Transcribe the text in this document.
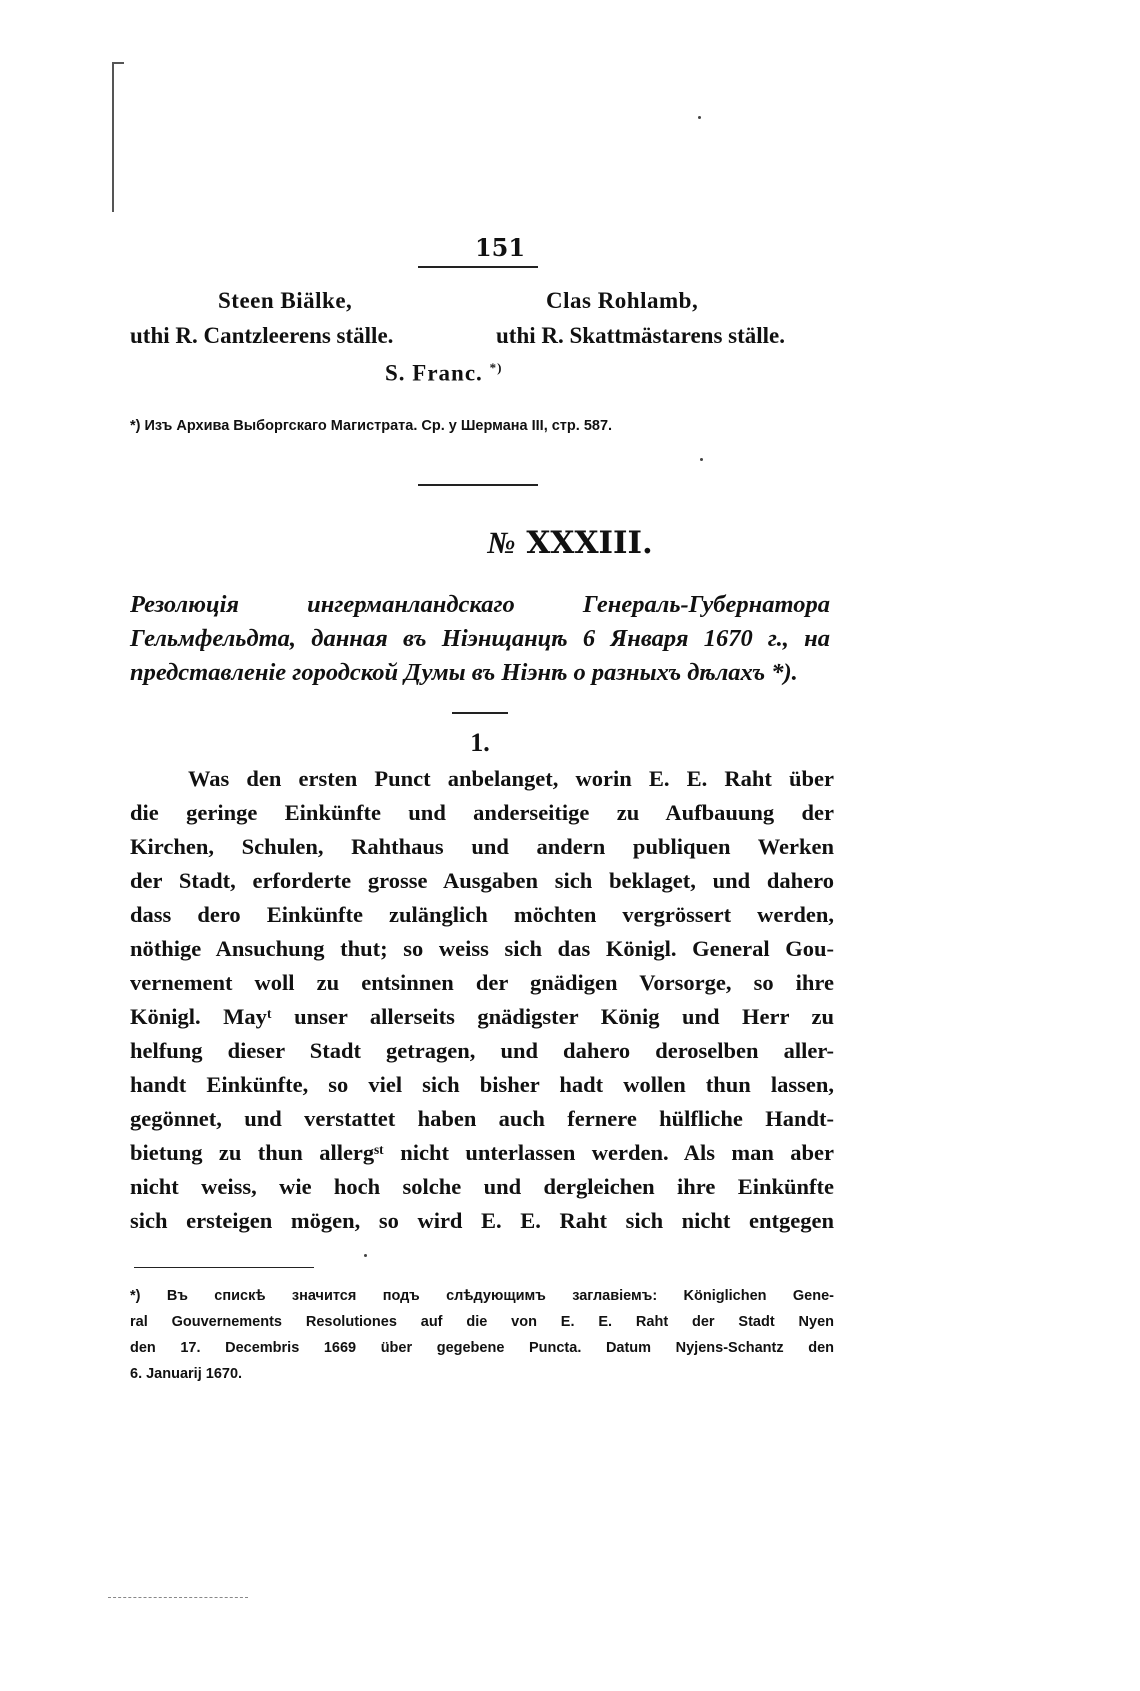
151
Steen Biälke,
uthi R. Cantzleerens ställe.
Clas Rohlamb,
uthi R. Skattmästarens ställe.
S. Franc. *)
*) Изъ Архива Выборгскаго Магистрата. Ср. у Шерманa III, стр. 587.
№ XXXIII.
Резолюція ингерманландскаго Генераль-Губернатора Гельмфельдта, данная въ Нiэнщанцѣ 6 Января 1670 г., на представленіе городской Думы въ Ніэнѣ о разныхъ дѣлахъ *).
1.
Was den ersten Punct anbelanget, worin E. E. Raht über
die geringe Einkünfte und anderseitige zu Aufbauung der
Kirchen, Schulen, Rahthaus und andern publiquen Werken
der Stadt, erforderte grosse Ausgaben sich beklaget, und dahero
dass dero Einkünfte zulänglich möchten vergrössert werden,
nöthige Ansuchung thut; so weiss sich das Königl. General Gou-
vernement woll zu entsinnen der gnädigen Vorsorge, so ihre
Königl. Mayᵗ unser allerseits gnädigster König und Herr zu
helfung dieser Stadt getragen, und dahero deroselben aller-
handt Einkünfte, so viel sich bisher hadt wollen thun lassen,
gegönnet, und verstattet haben auch fernere hülfliche Handt-
bietung zu thun allergˢᵗ nicht unterlassen werden. Als man aber
nicht weiss, wie hoch solche und dergleichen ihre Einkünfte
sich ersteigen mögen, so wird E. E. Raht sich nicht entgegen
*) Въ спискѣ значится подъ слѣдующимъ заглавіемъ: Königlichen Gene-
ral Gouvernements Resolutiones auf die von E. E. Raht der Stadt Nyen
den 17. Decembris 1669 über gegebene Puncta. Datum Nyjens-Schantz den
6. Januarij 1670.
